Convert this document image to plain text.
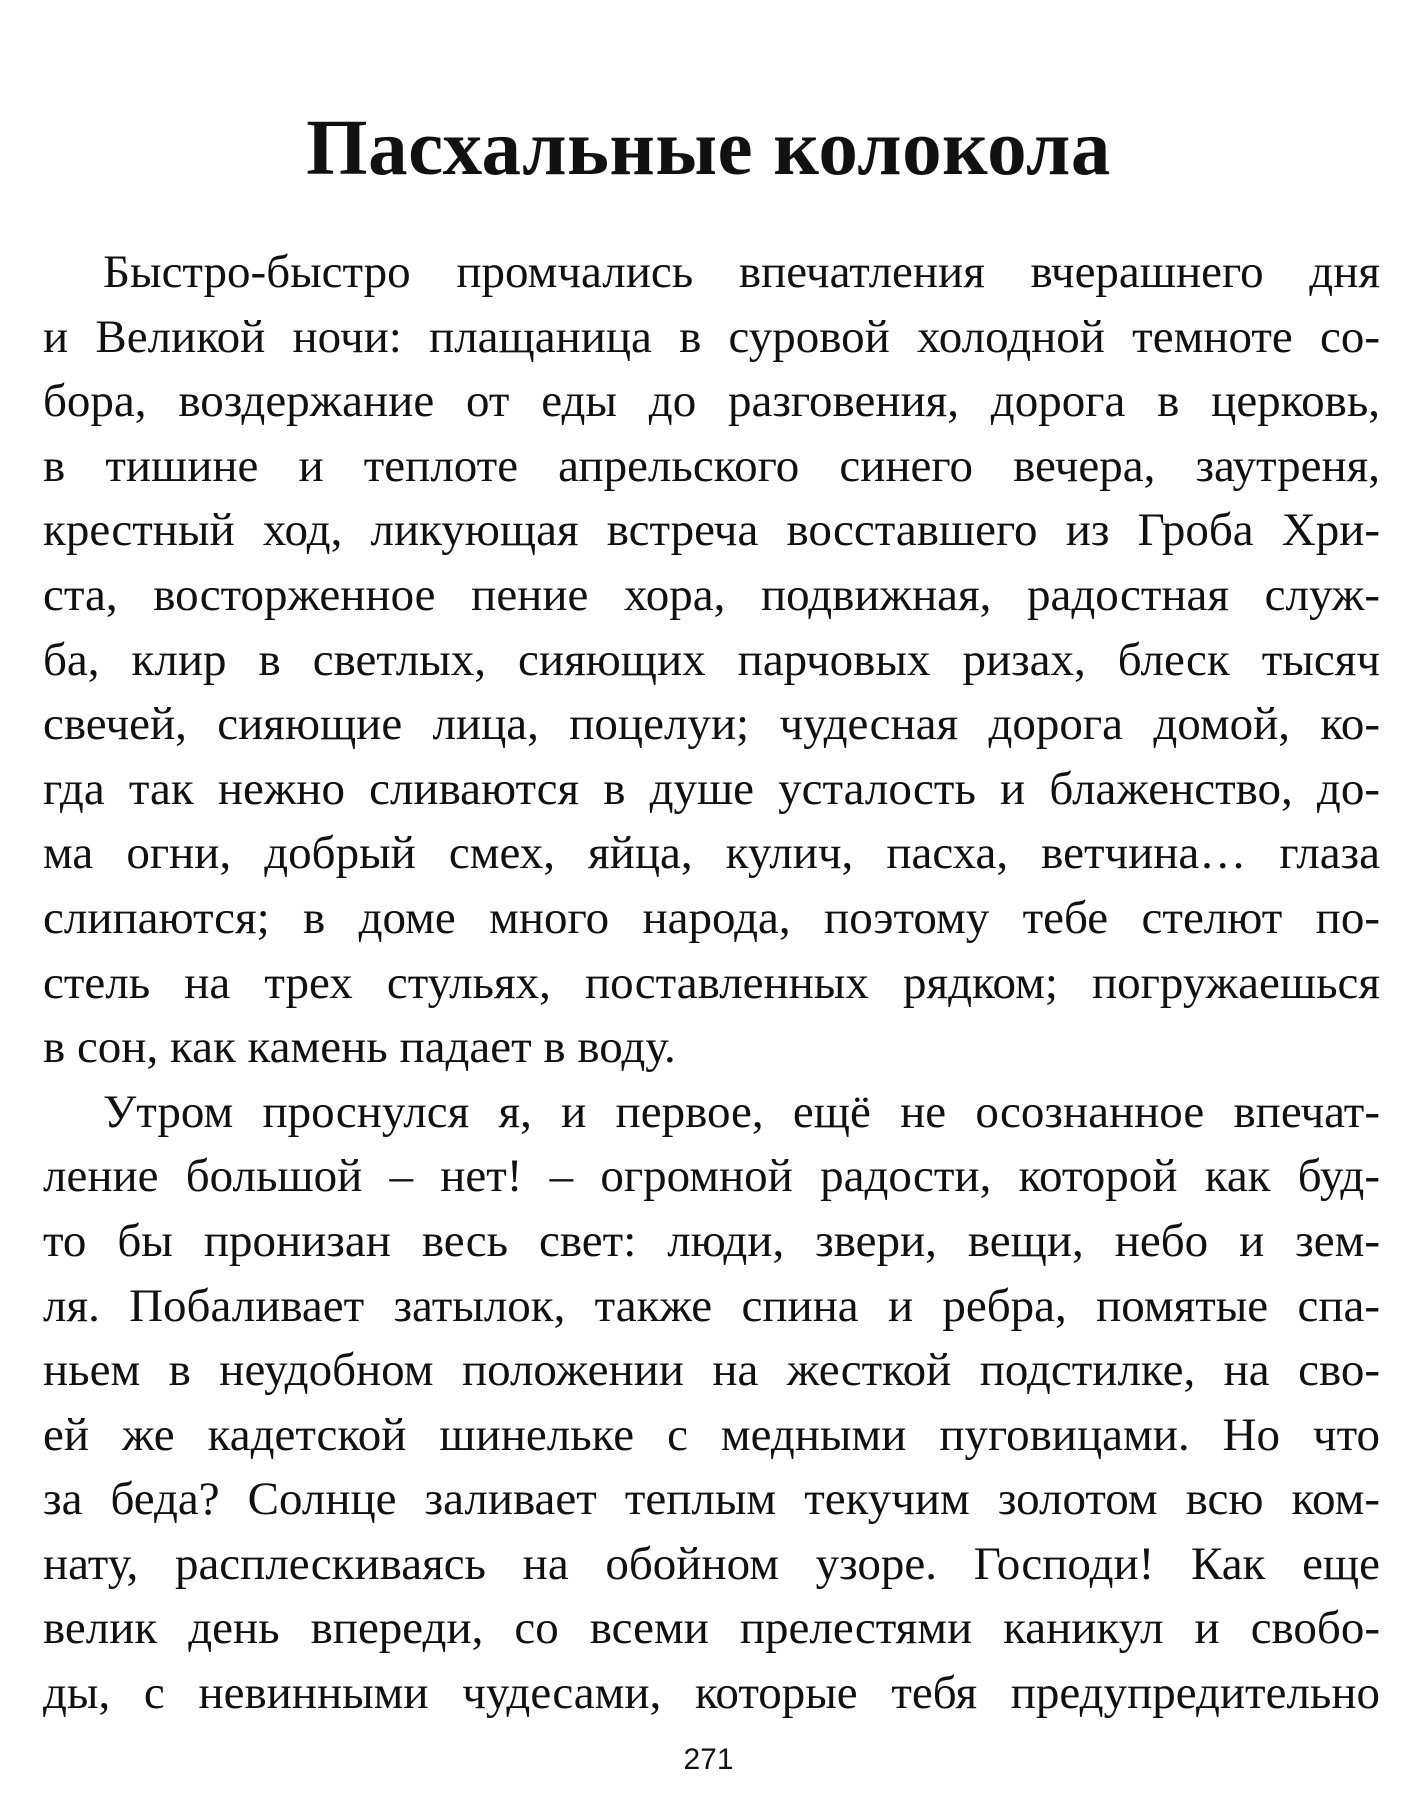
Пасхальные колокола
Быстро-быстро промчались впечатления вчерашнего дня
и Великой ночи: плащаница в суровой холодной темноте со-
бора, воздержание от еды до разговения, дорога в церковь,
в тишине и теплоте апрельского синего вечера, заутреня,
крестный ход, ликующая встреча восставшего из Гроба Хри-
ста, восторженное пение хора, подвижная, радостная служ-
ба, клир в светлых, сияющих парчовых ризах, блеск тысяч
свечей, сияющие лица, поцелуи; чудесная дорога домой, ко-
гда так нежно сливаются в душе усталость и блаженство, до-
ма огни, добрый смех, яйца, кулич, пасха, ветчина… глаза
слипаются; в доме много народа, поэтому тебе стелют по-
стель на трех стульях, поставленных рядком; погружаешься
в сон, как камень падает в воду.
Утром проснулся я, и первое, ещё не осознанное впечат-
ление большой – нет! – огромной радости, которой как буд-
то бы пронизан весь свет: люди, звери, вещи, небо и зем-
ля. Побаливает затылок, также спина и ребра, помятые спа-
ньем в неудобном положении на жесткой подстилке, на сво-
ей же кадетской шинельке с медными пуговицами. Но что
за беда? Солнце заливает теплым текучим золотом всю ком-
нату, расплескиваясь на обойном узоре. Господи! Как еще
велик день впереди, со всеми прелестями каникул и свобо-
ды, с невинными чудесами, которые тебя предупредительно
271
